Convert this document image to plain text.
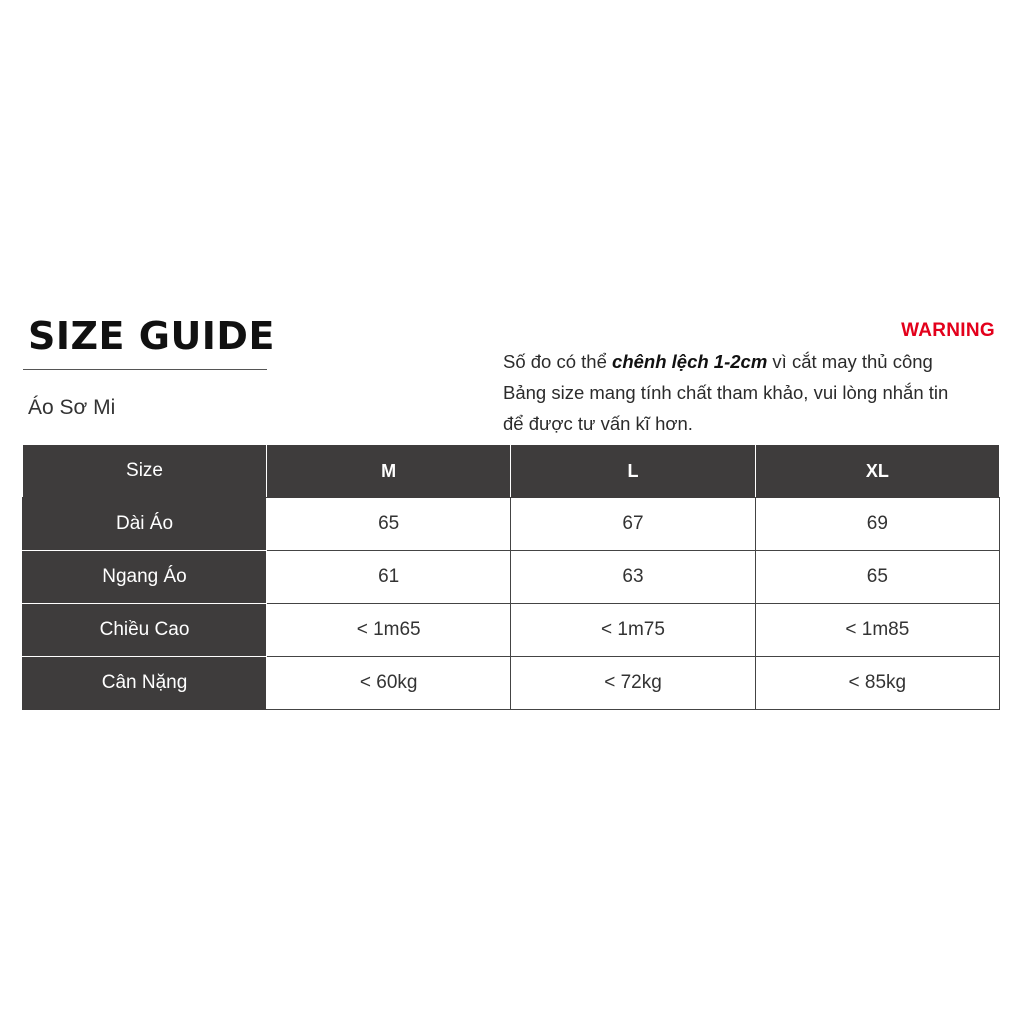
SIZE GUIDE
Áo Sơ Mi
WARNING
Số đo có thể chênh lệch 1-2cm vì cắt may thủ công
Bảng size mang tính chất tham khảo, vui lòng nhắn tin
để được tư vấn kĩ hơn.
Size	M	L	XL
Dài Áo	65	67	69
Ngang Áo	61	63	65
Chiều Cao	< 1m65	< 1m75	< 1m85
Cân Nặng	< 60kg	< 72kg	< 85kg
